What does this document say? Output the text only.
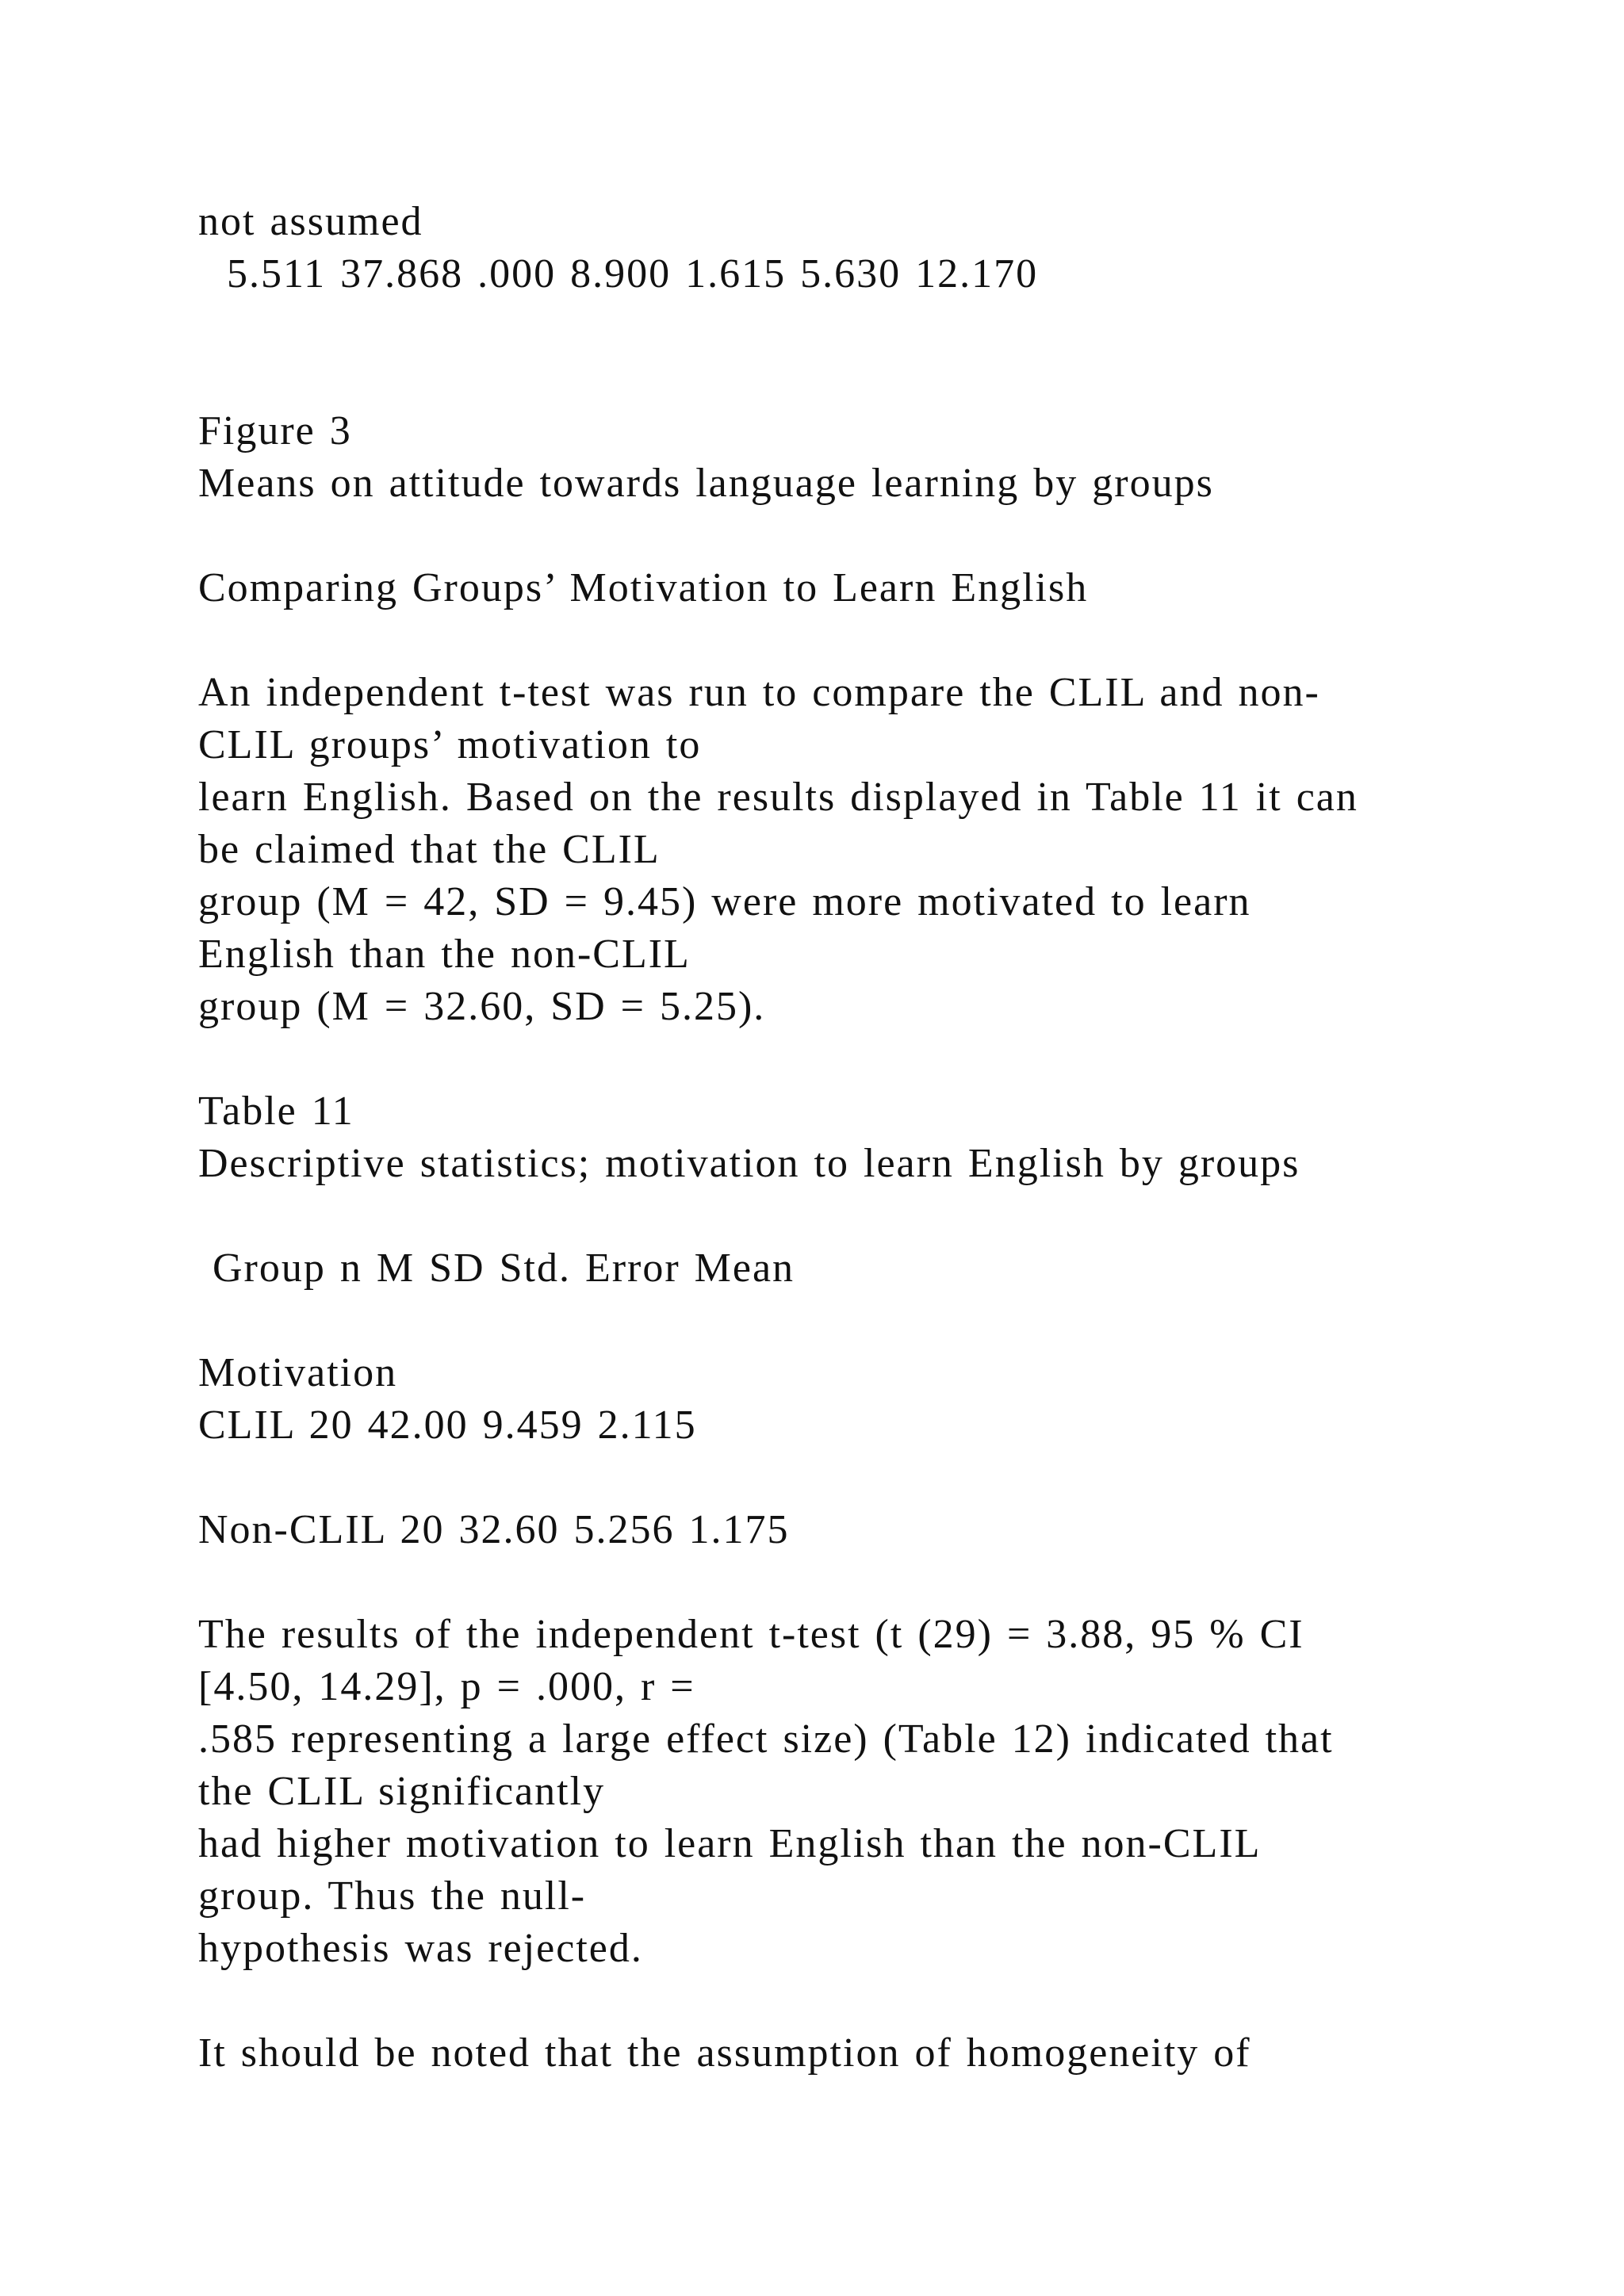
not assumed
5.511 37.868 .000 8.900 1.615 5.630 12.170
Figure 3
Means on attitude towards language learning by groups
Comparing Groups’ Motivation to Learn English
An independent t-test was run to compare the CLIL and non-
CLIL groups’ motivation to
learn English. Based on the results displayed in Table 11 it can
be claimed that the CLIL
group (M = 42, SD = 9.45) were more motivated to learn
English than the non-CLIL
group (M = 32.60, SD = 5.25).
Table 11
Descriptive statistics; motivation to learn English by groups
Group n M SD Std. Error Mean
Motivation
CLIL 20 42.00 9.459 2.115
Non-CLIL 20 32.60 5.256 1.175
The results of the independent t-test (t (29) = 3.88, 95 % CI
[4.50, 14.29], p = .000, r =
.585 representing a large effect size) (Table 12) indicated that
the CLIL significantly
had higher motivation to learn English than the non-CLIL
group. Thus the null-
hypothesis was rejected.
It should be noted that the assumption of homogeneity of
